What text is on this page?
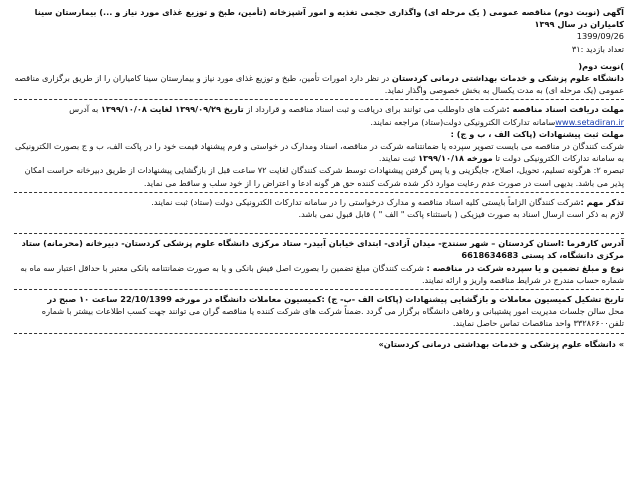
آگهی (نوبت دوم) مناقصه عمومی ( یک مرحله ای) واگذاری حجمی تغذیه و امور آشپزخانه (تأمین، طبخ و توزیع غذای مورد نیاز و ...) بیمارستان سینا کامیاران در سال ۱۳۹۹

1399/09/26

تعداد بازدید :۳۱

)نوبت دوم(

دانشگاه علوم پزشکی و خدمات بهداشتی درمانی کردستان در نظر دارد امورات تأمین، طبخ و توزیع غذای مورد نیاز و بیمارستان سینا کامیاران را از طریق برگزاری مناقصه عمومی (یک مرحله ای) به مدت یکسال به بخش خصوصی واگذار نماید.

مهلت دریافت اسناد مناقصه :شرکت های داوطلب می توانند برای دریافت و ثبت اسناد مناقصه و قرارداد از تاریخ ۱۳۹۹/۰۹/۲۹ لغایت ۱۳۹۹/۱۰/۰۸ به آدرس www.setadiran.irسامانه تدارکات الکترونیکی دولت(ستاد) مراجعه نمایند.

مهلت ثبت پیشنهادات (پاکت الف ، ب و ج) :

شرکت کنندگان در مناقصه می بایست تصویر سپرده یا ضمانتنامه شرکت در مناقصه، اسناد ومدارک در خواستی و فرم پیشنهاد قیمت خود را در پاکت الف، ب و ج بصورت الکترونیکی به سامانه تدارکات الکترونیکی دولت تا مورخه ۱۳۹۹/۱۰/۱۸ ثبت نمایند.

تبصره ۲: هرگونه تسلیم، تحویل، اصلاح، جایگزینی و یا پس گرفتن پیشنهادات توسط شرکت کنندگان لغایت ۷۲ ساعت قبل از بازگشایی پیشنهادات از طریق دبیرخانه حراست امکان پذیر می باشد. بدیهی است در صورت عدم رعایت موارد ذکر شده شرکت کننده حق هر گونه ادعا و اعتراض را از خود سلب و ساقط می نماید.

تذکر مهم :شرکت کنندگان الزاماً بایستی کلیه اسناد مناقصه و مدارک درخواستی را در سامانه تدارکات الکترونیکی دولت (ستاد) ثبت نمایند.

لازم به ذکر است ارسال اسناد به صورت فیزیکی ( باستثناء پاکت " الف " ) قابل قبول نمی باشد.

آدرس کارفرما :استان کردستان – شهر سنندج- میدان آزادی- ابتدای خیابان آبیدر- ستاد مرکزی دانشگاه علوم پزشکی کردستان- دبیرخانه (محرمانه) ستاد مرکزی دانشگاه، کد پستی 6618634683

نوع و مبلغ تضمین و یا سپرده شرکت در مناقصه : شرکت کنندگان مبلغ تضمین را بصورت اصل فیش بانکی و یا به صورت ضمانتنامه بانکی معتبر با حداقل اعتبار سه ماه به شماره حساب مندرج در شرایط مناقصه واریز و ارائه نمایند.

تاریخ تشکیل کمیسیون معاملات و بازگشایی پیشنهادات (پاکات الف -ب- ج) :کمیسیون معاملات دانشگاه در مورخه 22/10/1399 ساعت ۱۰ صبح در

محل سالن جلسات مدیریت امور پشتیبانی و رفاهی دانشگاه برگزار می گردد .ضمناً شرکت های شرکت کننده یا مناقصه گران می توانند جهت کسب اطلاعات بیشتر با شماره تلفن۳۳۲۸۶۶۰۰ واحد مناقصات تماس حاصل نمایند.

» دانشگاه علوم پزشکی و خدمات بهداشتی درمانی کردستان»
